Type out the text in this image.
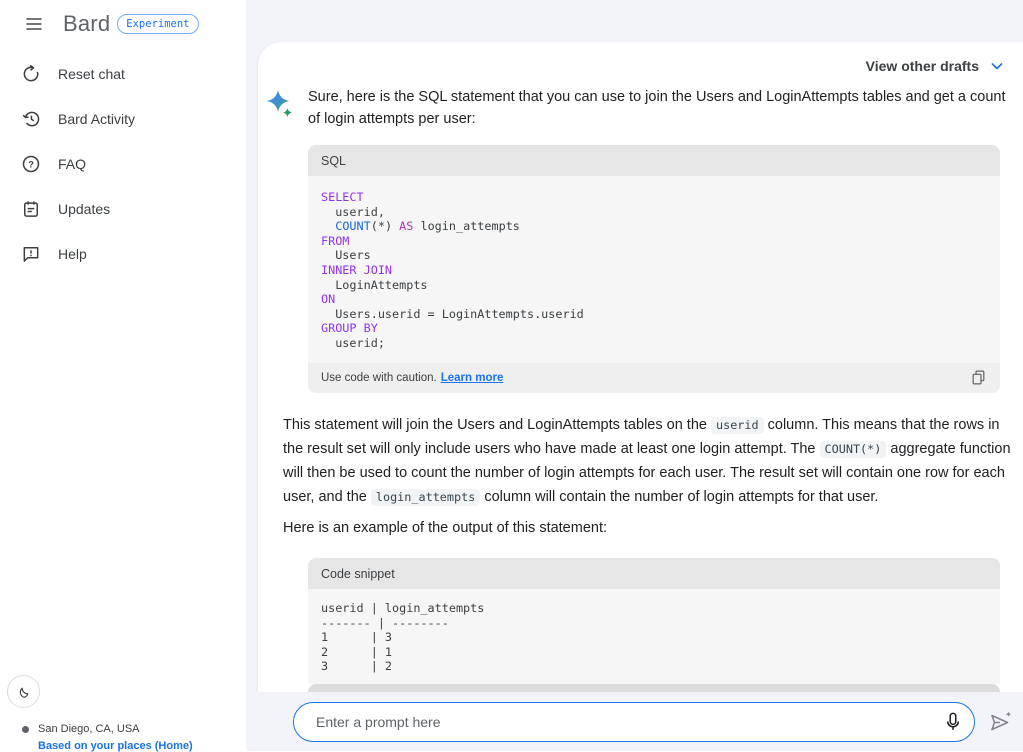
Bard	Experiment
Reset chat
Bard Activity
? FAQ
Updates
Help
San Diego, CA, USA
Based on your places (Home)
View other drafts

Sure, here is the SQL statement that you can use to join the Users and LoginAttempts tables and get a count of login attempts per user:

SQL
SELECT
userid,
COUNT(*) AS login_attempts
FROM
Users
INNER JOIN
LoginAttempts
ON
Users.userid = LoginAttempts.userid
GROUP BY
userid;
Use code with caution. Learn more

This statement will join the Users and LoginAttempts tables on the userid column. This means that the rows in the result set will only include users who have made at least one login attempt. The COUNT(*) aggregate function will then be used to count the number of login attempts for each user. The result set will contain one row for each user, and the login_attempts column will contain the number of login attempts for that user.

Here is an example of the output of this statement:

Code snippet
userid | login_attempts
------- | --------
1      | 3
2      | 1
3      | 2
Enter a prompt here
